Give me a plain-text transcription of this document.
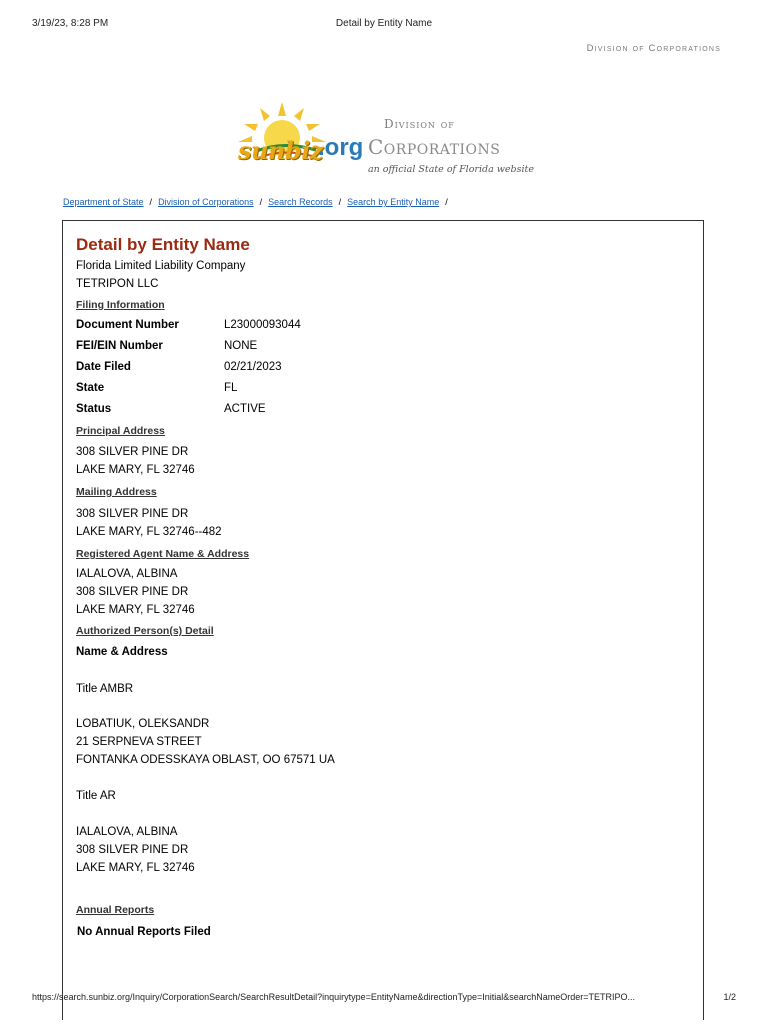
3/19/23, 8:28 PM	Detail by Entity Name
Division of Corporations
sunbiz
.org
Division of
Corporations
an official State of Florida website
Department of State / Division of Corporations / Search Records / Search by Entity Name /
Detail by Entity Name
Florida Limited Liability Company
TETRIPON LLC
Filing Information
Document Number	L23000093044
FEI/EIN Number	NONE
Date Filed	02/21/2023
State	FL
Status	ACTIVE
Principal Address
308 SILVER PINE DR
LAKE MARY, FL 32746
Mailing Address
308 SILVER PINE DR
LAKE MARY, FL 32746--482
Registered Agent Name & Address
IALALOVA, ALBINA
308 SILVER PINE DR
LAKE MARY, FL 32746
Authorized Person(s) Detail
Name & Address
Title AMBR
LOBATIUK, OLEKSANDR
21 SERPNEVA STREET
FONTANKA ODESSKAYA OBLAST, OO 67571 UA
Title AR
IALALOVA, ALBINA
308 SILVER PINE DR
LAKE MARY, FL 32746
Annual Reports
No Annual Reports Filed
https://search.sunbiz.org/Inquiry/CorporationSearch/SearchResultDetail?inquirytype=EntityName&directionType=Initial&searchNameOrder=TETRIPO...	1/2
